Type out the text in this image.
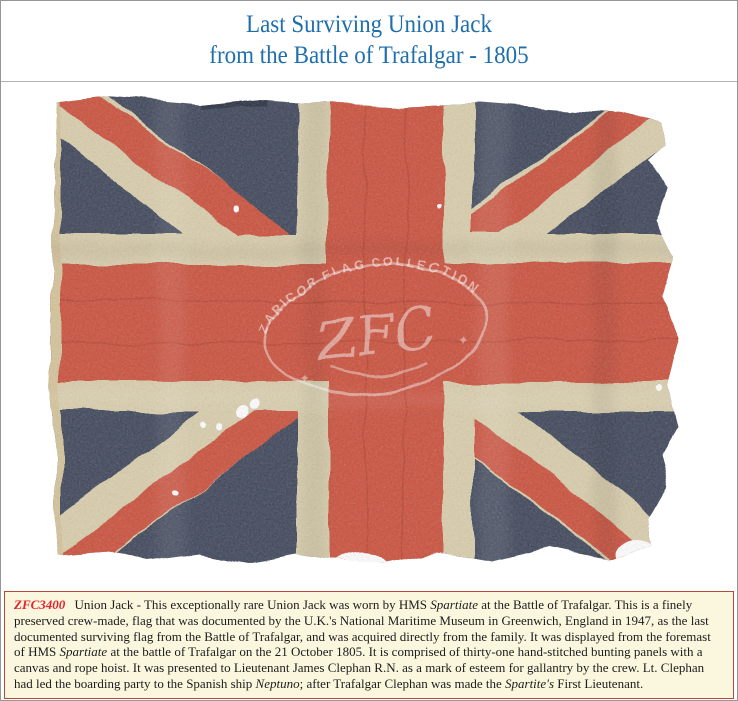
Last Surviving Union Jack
from the Battle of Trafalgar - 1805

ZFC3400 Union Jack - This exceptionally rare Union Jack was worn by HMS Spartiate at the Battle of Trafalgar. This is a finely preserved crew-made, flag that was documented by the U.K.'s National Maritime Museum in Greenwich, England in 1947, as the last documented surviving flag from the Battle of Trafalgar, and was acquired directly from the family. It was displayed from the foremast of HMS Spartiate at the battle of Trafalgar on the 21 October 1805. It is comprised of thirty-one hand-stitched bunting panels with a canvas and rope hoist. It was presented to Lieutenant James Clephan R.N. as a mark of esteem for gallantry by the crew. Lt. Clephan had led the boarding party to the Spanish ship Neptuno; after Trafalgar Clephan was made the Spartite's First Lieutenant.
